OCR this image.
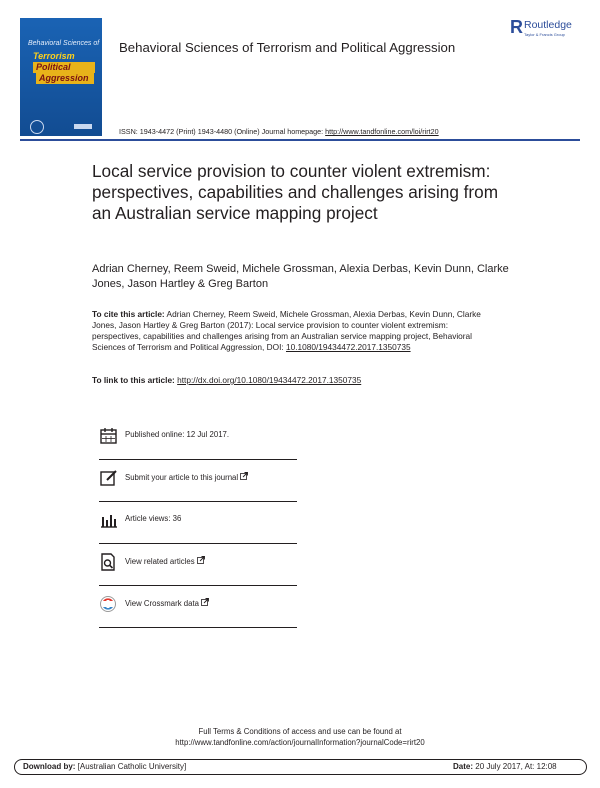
Behavioral Sciences of
Terrorism
Political
Aggression
Behavioral Sciences of Terrorism and Political Aggression
R Routledge
Taylor & Francis Group
ISSN: 1943-4472 (Print) 1943-4480 (Online) Journal homepage: http://www.tandfonline.com/loi/rirt20
Local service provision to counter violent extremism: perspectives, capabilities and challenges arising from an Australian service mapping project
Adrian Cherney, Reem Sweid, Michele Grossman, Alexia Derbas, Kevin Dunn, Clarke Jones, Jason Hartley & Greg Barton
To cite this article: Adrian Cherney, Reem Sweid, Michele Grossman, Alexia Derbas, Kevin Dunn, Clarke Jones, Jason Hartley & Greg Barton (2017): Local service provision to counter violent extremism: perspectives, capabilities and challenges arising from an Australian service mapping project, Behavioral Sciences of Terrorism and Political Aggression, DOI: 10.1080/19434472.2017.1350735
To link to this article: http://dx.doi.org/10.1080/19434472.2017.1350735
Published online: 12 Jul 2017.
Submit your article to this journal
Article views: 36
View related articles
View Crossmark data
Full Terms & Conditions of access and use can be found at
http://www.tandfonline.com/action/journalInformation?journalCode=rirt20
Download by: [Australian Catholic University]	Date: 20 July 2017, At: 12:08
